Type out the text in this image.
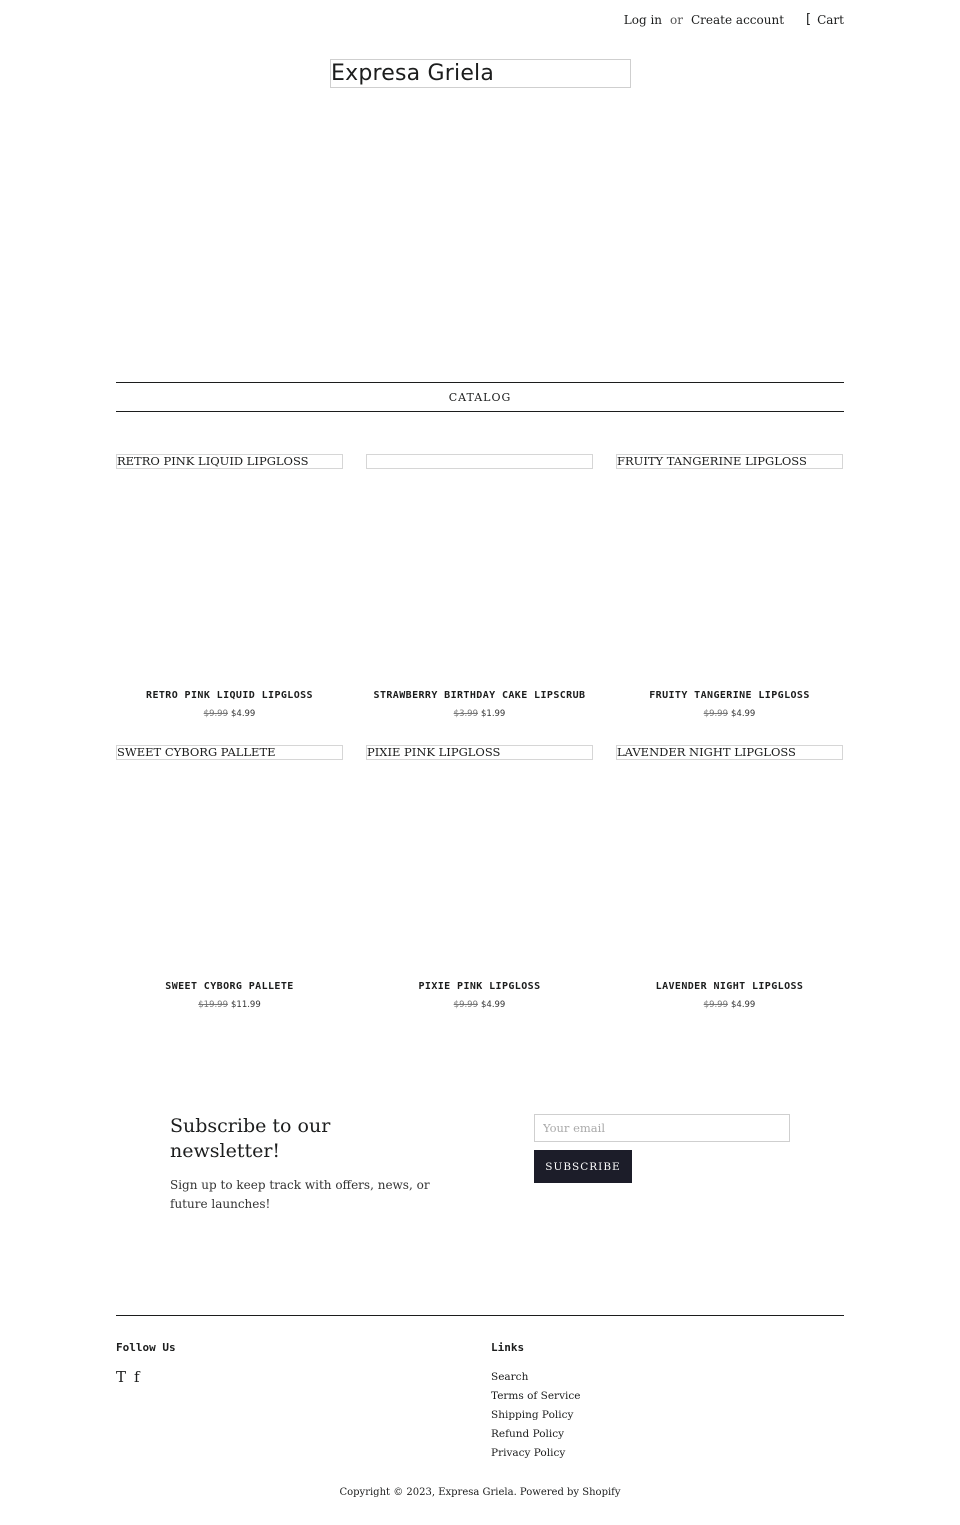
Log in or Create account [ Cart
Expresa Griela
CATALOG
RETRO PINK LIQUID LIPGLOSS
RETRO PINK LIQUID LIPGLOSS
$9.99 $4.99
STRAWBERRY BIRTHDAY CAKE LIPSCRUB
$3.99 $1.99
FRUITY TANGERINE LIPGLOSS
FRUITY TANGERINE LIPGLOSS
$9.99 $4.99
SWEET CYBORG PALLETE
SWEET CYBORG PALLETE
$19.99 $11.99
PIXIE PINK LIPGLOSS
PIXIE PINK LIPGLOSS
$9.99 $4.99
LAVENDER NIGHT LIPGLOSS
LAVENDER NIGHT LIPGLOSS
$9.99 $4.99
Subscribe to our newsletter!
Sign up to keep track with offers, news, or future launches!
Your email
SUBSCRIBE
Follow Us
T f
Links
Search
Terms of Service
Shipping Policy
Refund Policy
Privacy Policy
Copyright © 2023, Expresa Griela. Powered by Shopify
